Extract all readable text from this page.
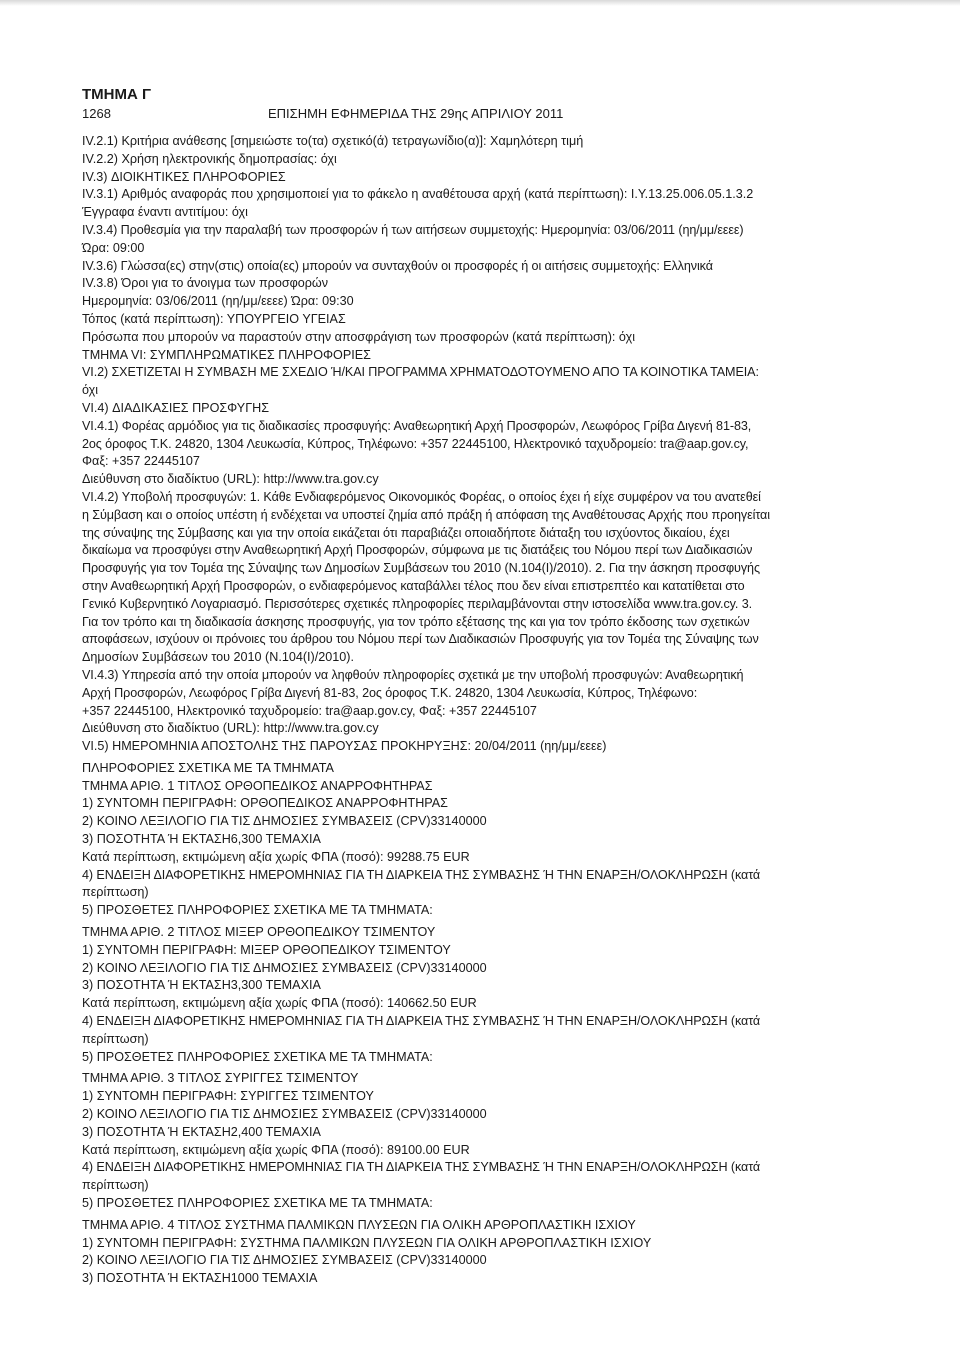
ΤΜΗΜΑ Γ
1268	ΕΠΙΣΗΜΗ ΕΦΗΜΕΡΙΔΑ ΤΗΣ 29ης ΑΠΡΙΛΙΟΥ 2011
IV.2.1) Κριτήρια ανάθεσης [σημειώστε το(τα) σχετικό(ά) τετραγωνίδιο(α)]: Χαμηλότερη τιμή
IV.2.2) Χρήση ηλεκτρονικής δημοπρασίας: όχι
IV.3) ΔΙΟΙΚΗΤΙΚΕΣ ΠΛΗΡΟΦΟΡΙΕΣ
IV.3.1) Αριθμός αναφοράς που χρησιμοποιεί για το φάκελο η αναθέτουσα αρχή (κατά περίπτωση): Ι.Υ.13.25.006.05.1.3.2
Έγγραφα έναντι αντιτίμου: όχι
IV.3.4) Προθεσμία για την παραλαβή των προσφορών ή των αιτήσεων συμμετοχής: Ημερομηνία: 03/06/2011 (ηη/μμ/εεεε)
Ώρα: 09:00
IV.3.6) Γλώσσα(ες) στην(στις) οποία(ες) μπορούν να συνταχθούν οι προσφορές ή οι αιτήσεις συμμετοχής: Ελληνικά
IV.3.8) Όροι για το άνοιγμα των προσφορών
Ημερομηνία: 03/06/2011 (ηη/μμ/εεεε) Ώρα: 09:30
Τόπος (κατά περίπτωση): ΥΠΟΥΡΓΕΙΟ ΥΓΕΙΑΣ
Πρόσωπα που μπορούν να παραστούν στην αποσφράγιση των προσφορών (κατά περίπτωση): όχι
ΤΜΗΜΑ VI: ΣΥΜΠΛΗΡΩΜΑΤΙΚΕΣ ΠΛΗΡΟΦΟΡΙΕΣ
VI.2) ΣΧΕΤΙΖΕΤΑΙ Η ΣΥΜΒΑΣΗ ΜΕ ΣΧΕΔΙΟ Ή/ΚΑΙ ΠΡΟΓΡΑΜΜΑ ΧΡΗΜΑΤΟΔΟΤΟΥΜΕΝΟ ΑΠΟ ΤΑ ΚΟΙΝΟΤΙΚΑ ΤΑΜΕΙΑ:
όχι
VI.4) ΔΙΑΔΙΚΑΣΙΕΣ ΠΡΟΣΦΥΓΗΣ
VI.4.1) Φορέας αρμόδιος για τις διαδικασίες προσφυγής: Αναθεωρητική Αρχή Προσφορών, Λεωφόρος Γρίβα Διγενή 81-83,
2ος όροφος Τ.Κ. 24820, 1304 Λευκωσία, Κύπρος, Τηλέφωνο: +357 22445100, Ηλεκτρονικό ταχυδρομείο: tra@aap.gov.cy,
Φαξ: +357 22445107
Διεύθυνση στο διαδίκτυο (URL): http://www.tra.gov.cy
VI.4.2) Υποβολή προσφυγών: 1. Κάθε Ενδιαφερόμενος Οικονομικός Φορέας, ο οποίος έχει ή είχε συμφέρον να του ανατεθεί
η Σύμβαση και ο οποίος υπέστη ή ενδέχεται να υποστεί ζημία από πράξη ή απόφαση της Αναθέτουσας Αρχής που προηγείται
της σύναψης της Σύμβασης και για την οποία εικάζεται ότι παραβιάζει οποιαδήποτε διάταξη του ισχύοντος δικαίου, έχει
δικαίωμα να προσφύγει στην Αναθεωρητική Αρχή Προσφορών, σύμφωνα με τις διατάξεις του Νόμου περί των Διαδικασιών
Προσφυγής για τον Τομέα της Σύναψης των Δημοσίων Συμβάσεων του 2010 (Ν.104(Ι)/2010). 2. Για την άσκηση προσφυγής
στην Αναθεωρητική Αρχή Προσφορών, ο ενδιαφερόμενος καταβάλλει τέλος που δεν είναι επιστρεπτέο και κατατίθεται στο
Γενικό Κυβερνητικό Λογαριασμό. Περισσότερες σχετικές πληροφορίες περιλαμβάνονται στην ιστοσελίδα www.tra.gov.cy. 3.
Για τον τρόπο και τη διαδικασία άσκησης προσφυγής, για τον τρόπο εξέτασης της και για τον τρόπο έκδοσης των σχετικών
αποφάσεων, ισχύουν οι πρόνοιες του άρθρου του Νόμου περί των Διαδικασιών Προσφυγής για τον Τομέα της Σύναψης των
Δημοσίων Συμβάσεων του 2010 (Ν.104(Ι)/2010).
VI.4.3) Υπηρεσία από την οποία μπορούν να ληφθούν πληροφορίες σχετικά με την υποβολή προσφυγών: Αναθεωρητική
Αρχή Προσφορών, Λεωφόρος Γρίβα Διγενή 81-83, 2ος όροφος Τ.Κ. 24820, 1304 Λευκωσία, Κύπρος, Τηλέφωνο:
+357 22445100, Ηλεκτρονικό ταχυδρομείο: tra@aap.gov.cy, Φαξ: +357 22445107
Διεύθυνση στο διαδίκτυο (URL): http://www.tra.gov.cy
VI.5) ΗΜΕΡΟΜΗΝΙΑ ΑΠΟΣΤΟΛΗΣ ΤΗΣ ΠΑΡΟΥΣΑΣ ΠΡΟΚΗΡΥΞΗΣ: 20/04/2011 (ηη/μμ/εεεε)
ΠΛΗΡΟΦΟΡΙΕΣ ΣΧΕΤΙΚΑ ΜΕ ΤΑ ΤΜΗΜΑΤΑ
ΤΜΗΜΑ ΑΡΙΘ. 1 ΤΙΤΛΟΣ ΟΡΘΟΠΕΔΙΚΟΣ ΑΝΑΡΡΟΦΗΤΗΡΑΣ
1) ΣΥΝΤΟΜΗ ΠΕΡΙΓΡΑΦΗ: ΟΡΘΟΠΕΔΙΚΟΣ ΑΝΑΡΡΟΦΗΤΗΡΑΣ
2) ΚΟΙΝΟ ΛΕΞΙΛΟΓΙΟ ΓΙΑ ΤΙΣ ΔΗΜΟΣΙΕΣ ΣΥΜΒΑΣΕΙΣ (CPV)33140000
3) ΠΟΣΟΤΗΤΑ Ή ΕΚΤΑΣΗ6,300 ΤΕΜΑΧΙΑ
Κατά περίπτωση, εκτιμώμενη αξία χωρίς ΦΠΑ (ποσό): 99288.75 EUR
4) ΕΝΔΕΙΞΗ ΔΙΑΦΟΡΕΤΙΚΗΣ ΗΜΕΡΟΜΗΝΙΑΣ ΓΙΑ ΤΗ ΔΙΑΡΚΕΙΑ ΤΗΣ ΣΥΜΒΑΣΗΣ Ή ΤΗΝ ΕΝΑΡΞΗ/ΟΛΟΚΛΗΡΩΣΗ (κατά
περίπτωση)
5) ΠΡΟΣΘΕΤΕΣ ΠΛΗΡΟΦΟΡΙΕΣ ΣΧΕΤΙΚΑ ΜΕ ΤΑ ΤΜΗΜΑΤΑ:
ΤΜΗΜΑ ΑΡΙΘ. 2 ΤΙΤΛΟΣ ΜΙΞΕΡ ΟΡΘΟΠΕΔΙΚΟΥ ΤΣΙΜΕΝΤΟΥ
1) ΣΥΝΤΟΜΗ ΠΕΡΙΓΡΑΦΗ: ΜΙΞΕΡ ΟΡΘΟΠΕΔΙΚΟΥ ΤΣΙΜΕΝΤΟΥ
2) ΚΟΙΝΟ ΛΕΞΙΛΟΓΙΟ ΓΙΑ ΤΙΣ ΔΗΜΟΣΙΕΣ ΣΥΜΒΑΣΕΙΣ (CPV)33140000
3) ΠΟΣΟΤΗΤΑ Ή ΕΚΤΑΣΗ3,300 ΤΕΜΑΧΙΑ
Κατά περίπτωση, εκτιμώμενη αξία χωρίς ΦΠΑ (ποσό): 140662.50 EUR
4) ΕΝΔΕΙΞΗ ΔΙΑΦΟΡΕΤΙΚΗΣ ΗΜΕΡΟΜΗΝΙΑΣ ΓΙΑ ΤΗ ΔΙΑΡΚΕΙΑ ΤΗΣ ΣΥΜΒΑΣΗΣ Ή ΤΗΝ ΕΝΑΡΞΗ/ΟΛΟΚΛΗΡΩΣΗ (κατά
περίπτωση)
5) ΠΡΟΣΘΕΤΕΣ ΠΛΗΡΟΦΟΡΙΕΣ ΣΧΕΤΙΚΑ ΜΕ ΤΑ ΤΜΗΜΑΤΑ:
ΤΜΗΜΑ ΑΡΙΘ. 3 ΤΙΤΛΟΣ ΣΥΡΙΓΓΕΣ ΤΣΙΜΕΝΤΟΥ
1) ΣΥΝΤΟΜΗ ΠΕΡΙΓΡΑΦΗ: ΣΥΡΙΓΓΕΣ ΤΣΙΜΕΝΤΟΥ
2) ΚΟΙΝΟ ΛΕΞΙΛΟΓΙΟ ΓΙΑ ΤΙΣ ΔΗΜΟΣΙΕΣ ΣΥΜΒΑΣΕΙΣ (CPV)33140000
3) ΠΟΣΟΤΗΤΑ Ή ΕΚΤΑΣΗ2,400 ΤΕΜΑΧΙΑ
Κατά περίπτωση, εκτιμώμενη αξία χωρίς ΦΠΑ (ποσό): 89100.00 EUR
4) ΕΝΔΕΙΞΗ ΔΙΑΦΟΡΕΤΙΚΗΣ ΗΜΕΡΟΜΗΝΙΑΣ ΓΙΑ ΤΗ ΔΙΑΡΚΕΙΑ ΤΗΣ ΣΥΜΒΑΣΗΣ Ή ΤΗΝ ΕΝΑΡΞΗ/ΟΛΟΚΛΗΡΩΣΗ (κατά
περίπτωση)
5) ΠΡΟΣΘΕΤΕΣ ΠΛΗΡΟΦΟΡΙΕΣ ΣΧΕΤΙΚΑ ΜΕ ΤΑ ΤΜΗΜΑΤΑ:
ΤΜΗΜΑ ΑΡΙΘ. 4 ΤΙΤΛΟΣ ΣΥΣΤΗΜΑ ΠΑΛΜΙΚΩΝ ΠΛΥΣΕΩΝ ΓΙΑ ΟΛΙΚΗ ΑΡΘΡΟΠΛΑΣΤΙΚΗ ΙΣΧΙΟΥ
1) ΣΥΝΤΟΜΗ ΠΕΡΙΓΡΑΦΗ: ΣΥΣΤΗΜΑ ΠΑΛΜΙΚΩΝ ΠΛΥΣΕΩΝ ΓΙΑ ΟΛΙΚΗ ΑΡΘΡΟΠΛΑΣΤΙΚΗ ΙΣΧΙΟΥ
2) ΚΟΙΝΟ ΛΕΞΙΛΟΓΙΟ ΓΙΑ ΤΙΣ ΔΗΜΟΣΙΕΣ ΣΥΜΒΑΣΕΙΣ (CPV)33140000
3) ΠΟΣΟΤΗΤΑ Ή ΕΚΤΑΣΗ1000 ΤΕΜΑΧΙΑ
